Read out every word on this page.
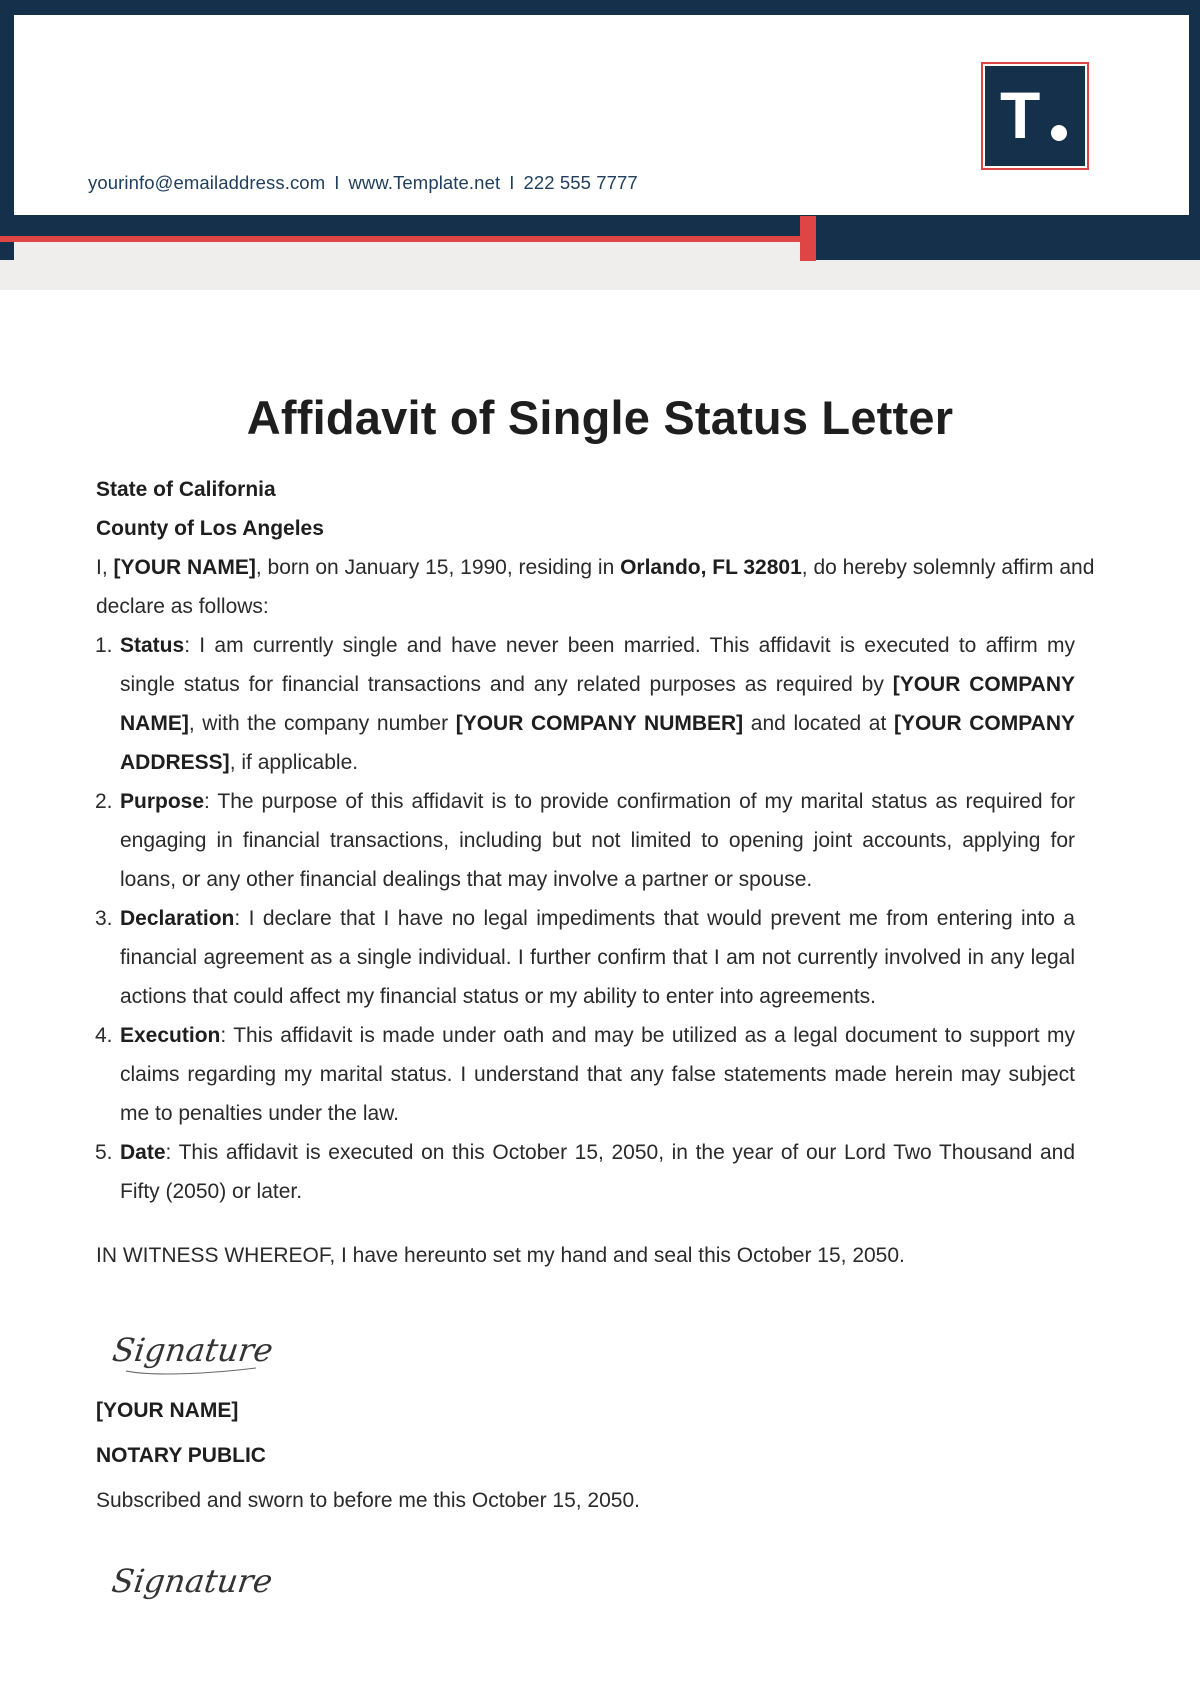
yourinfo@emailaddress.com I www.Template.net I 222 555 7777
T
Affidavit of Single Status Letter

State of California

County of Los Angeles

I, [YOUR NAME], born on January 15, 1990, residing in Orlando, FL 32801, do hereby solemnly affirm and declare as follows:

1. Status: I am currently single and have never been married. This affidavit is executed to affirm my single status for financial transactions and any related purposes as required by [YOUR COMPANY NAME], with the company number [YOUR COMPANY NUMBER] and located at [YOUR COMPANY ADDRESS], if applicable.
2. Purpose: The purpose of this affidavit is to provide confirmation of my marital status as required for engaging in financial transactions, including but not limited to opening joint accounts, applying for loans, or any other financial dealings that may involve a partner or spouse.
3. Declaration: I declare that I have no legal impediments that would prevent me from entering into a financial agreement as a single individual. I further confirm that I am not currently involved in any legal actions that could affect my financial status or my ability to enter into agreements.
4. Execution: This affidavit is made under oath and may be utilized as a legal document to support my claims regarding my marital status. I understand that any false statements made herein may subject me to penalties under the law.
5. Date: This affidavit is executed on this October 15, 2050, in the year of our Lord Two Thousand and Fifty (2050) or later.

IN WITNESS WHEREOF, I have hereunto set my hand and seal this October 15, 2050.

Signature

[YOUR NAME]

NOTARY PUBLIC

Subscribed and sworn to before me this October 15, 2050.

Signature
